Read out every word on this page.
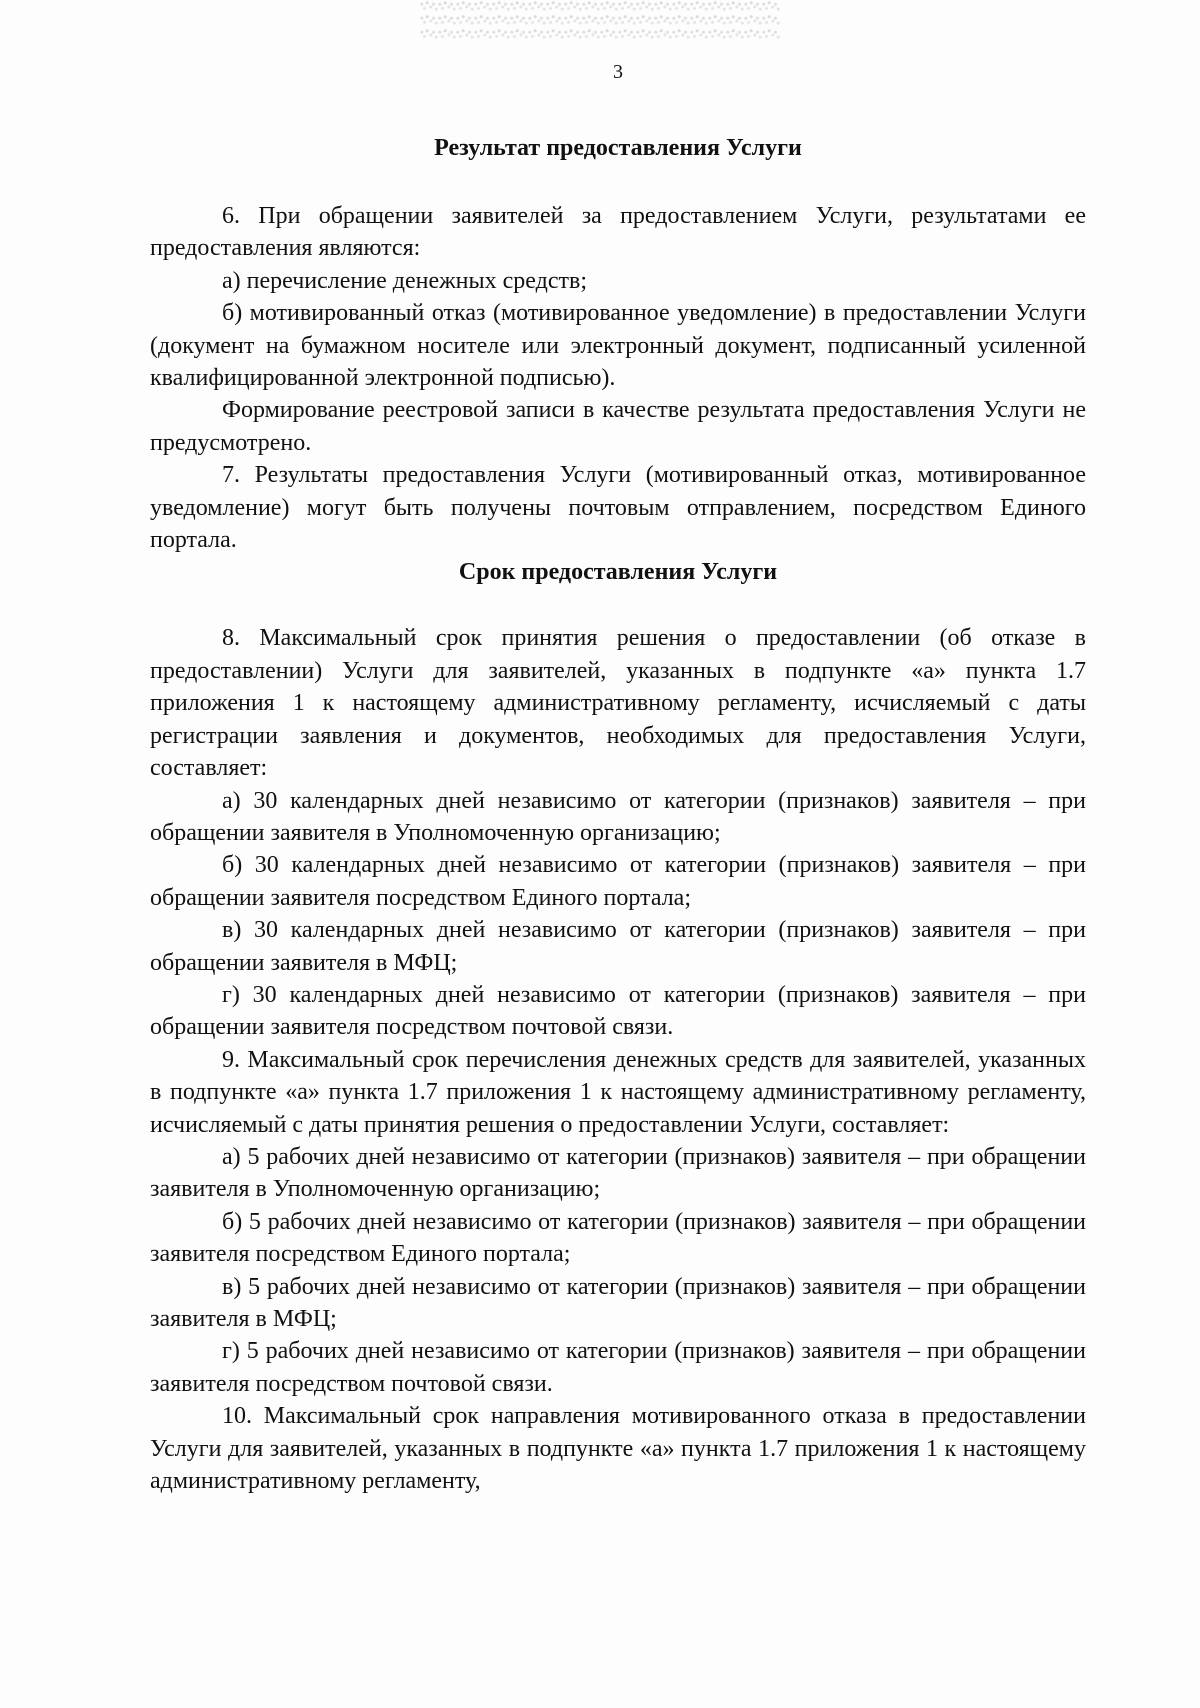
3
Результат предоставления Услуги

6. При обращении заявителей за предоставлением Услуги, результатами ее предоставления являются:

а) перечисление денежных средств;

б) мотивированный отказ (мотивированное уведомление) в предоставлении Услуги (документ на бумажном носителе или электронный документ, подписанный усиленной квалифицированной электронной подписью).

Формирование реестровой записи в качестве результата предоставления Услуги не предусмотрено.

7. Результаты предоставления Услуги (мотивированный отказ, мотивированное уведомление) могут быть получены почтовым отправлением, посредством Единого портала.

Срок предоставления Услуги

8. Максимальный срок принятия решения о предоставлении (об отказе в предоставлении) Услуги для заявителей, указанных в подпункте «а» пункта 1.7 приложения 1 к настоящему административному регламенту, исчисляемый с даты регистрации заявления и документов, необходимых для предоставления Услуги, составляет:

а) 30 календарных дней независимо от категории (признаков) заявителя – при обращении заявителя в Уполномоченную организацию;

б) 30 календарных дней независимо от категории (признаков) заявителя – при обращении заявителя посредством Единого портала;

в) 30 календарных дней независимо от категории (признаков) заявителя – при обращении заявителя в МФЦ;

г) 30 календарных дней независимо от категории (признаков) заявителя – при обращении заявителя посредством почтовой связи.

9. Максимальный срок перечисления денежных средств для заявителей, указанных в подпункте «а» пункта 1.7 приложения 1 к настоящему административному регламенту, исчисляемый с даты принятия решения о предоставлении Услуги, составляет:

а) 5 рабочих дней независимо от категории (признаков) заявителя – при обращении заявителя в Уполномоченную организацию;

б) 5 рабочих дней независимо от категории (признаков) заявителя – при обращении заявителя посредством Единого портала;

в) 5 рабочих дней независимо от категории (признаков) заявителя – при обращении заявителя в МФЦ;

г) 5 рабочих дней независимо от категории (признаков) заявителя – при обращении заявителя посредством почтовой связи.

10. Максимальный срок направления мотивированного отказа в предоставлении Услуги для заявителей, указанных в подпункте «а» пункта 1.7 приложения 1 к настоящему административному регламенту,
